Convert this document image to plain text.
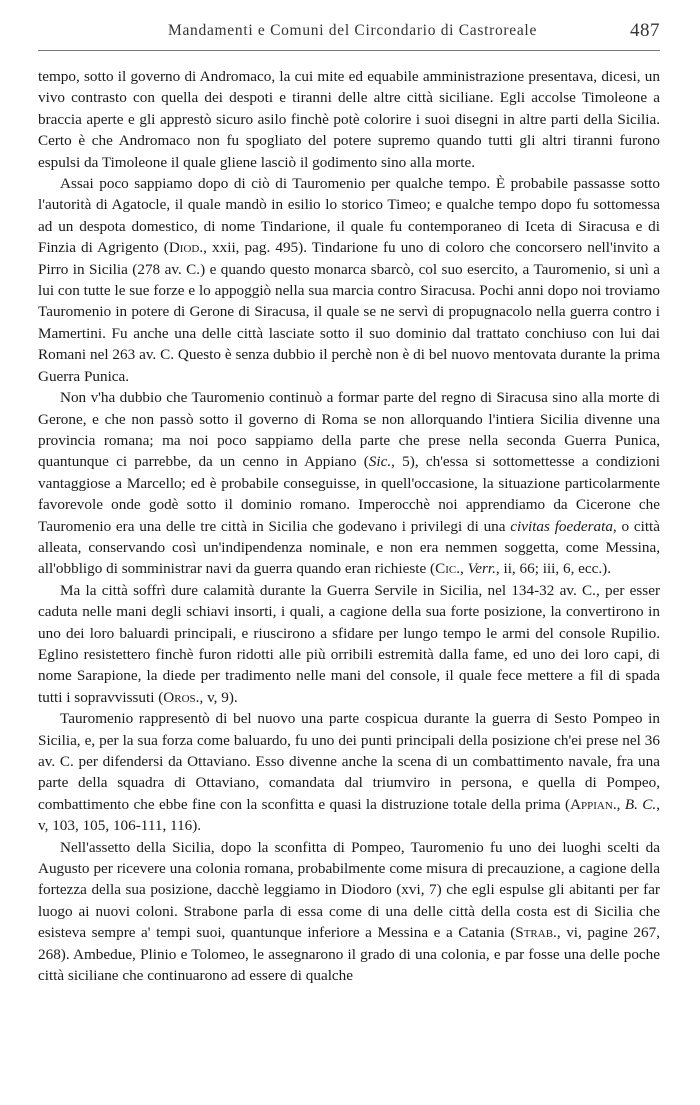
Mandamenti e Comuni del Circondario di Castroreale	487

tempo, sotto il governo di Andromaco, la cui mite ed equabile amministrazione presentava, dicesi, un vivo contrasto con quella dei despoti e tiranni delle altre città siciliane. Egli accolse Timoleone a braccia aperte e gli apprestò sicuro asilo finchè potè colorire i suoi disegni in altre parti della Sicilia. Certo è che Andromaco non fu spogliato del potere supremo quando tutti gli altri tiranni furono espulsi da Timoleone il quale gliene lasciò il godimento sino alla morte.

Assai poco sappiamo dopo di ciò di Tauromenio per qualche tempo. È probabile passasse sotto l'autorità di Agatocle, il quale mandò in esilio lo storico Timeo; e qualche tempo dopo fu sottomessa ad un despota domestico, di nome Tindarione, il quale fu contemporaneo di Iceta di Siracusa e di Finzia di Agrigento (Diod., xxii, pag. 495). Tindarione fu uno di coloro che concorsero nell'invito a Pirro in Sicilia (278 av. C.) e quando questo monarca sbarcò, col suo esercito, a Tauromenio, si unì a lui con tutte le sue forze e lo appoggiò nella sua marcia contro Siracusa. Pochi anni dopo noi troviamo Tauromenio in potere di Gerone di Siracusa, il quale se ne servì di propugnacolo nella guerra contro i Mamertini. Fu anche una delle città lasciate sotto il suo dominio dal trattato conchiuso con lui dai Romani nel 263 av. C. Questo è senza dubbio il perchè non è di bel nuovo mentovata durante la prima Guerra Punica.

Non v'ha dubbio che Tauromenio continuò a formar parte del regno di Siracusa sino alla morte di Gerone, e che non passò sotto il governo di Roma se non allorquando l'intiera Sicilia divenne una provincia romana; ma noi poco sappiamo della parte che prese nella seconda Guerra Punica, quantunque ci parrebbe, da un cenno in Appiano (Sic., 5), ch'essa si sottomettesse a condizioni vantaggiose a Marcello; ed è probabile conseguisse, in quell'occasione, la situazione particolarmente favorevole onde godè sotto il dominio romano. Imperocchè noi apprendiamo da Cicerone che Tauromenio era una delle tre città in Sicilia che godevano i privilegi di una civitas foederata, o città alleata, conservando così un'indipendenza nominale, e non era nemmen soggetta, come Messina, all'obbligo di somministrar navi da guerra quando eran richieste (Cic., Verr., ii, 66; iii, 6, ecc.).

Ma la città soffrì dure calamità durante la Guerra Servile in Sicilia, nel 134-32 av. C., per esser caduta nelle mani degli schiavi insorti, i quali, a cagione della sua forte posizione, la convertirono in uno dei loro baluardi principali, e riuscirono a sfidare per lungo tempo le armi del console Rupilio. Eglino resistettero finchè furon ridotti alle più orribili estremità dalla fame, ed uno dei loro capi, di nome Sarapione, la diede per tradimento nelle mani del console, il quale fece mettere a fil di spada tutti i sopravvissuti (Oros., v, 9).

Tauromenio rappresentò di bel nuovo una parte cospicua durante la guerra di Sesto Pompeo in Sicilia, e, per la sua forza come baluardo, fu uno dei punti principali della posizione ch'ei prese nel 36 av. C. per difendersi da Ottaviano. Esso divenne anche la scena di un combattimento navale, fra una parte della squadra di Ottaviano, comandata dal triumviro in persona, e quella di Pompeo, combattimento che ebbe fine con la sconfitta e quasi la distruzione totale della prima (Appian., B. C., v, 103, 105, 106-111, 116).

Nell'assetto della Sicilia, dopo la sconfitta di Pompeo, Tauromenio fu uno dei luoghi scelti da Augusto per ricevere una colonia romana, probabilmente come misura di precauzione, a cagione della fortezza della sua posizione, dacchè leggiamo in Diodoro (xvi, 7) che egli espulse gli abitanti per far luogo ai nuovi coloni. Strabone parla di essa come di una delle città della costa est di Sicilia che esisteva sempre a' tempi suoi, quantunque inferiore a Messina e a Catania (Strab., vi, pagine 267, 268). Ambedue, Plinio e Tolomeo, le assegnarono il grado di una colonia, e par fosse una delle poche città siciliane che continuarono ad essere di qualche
